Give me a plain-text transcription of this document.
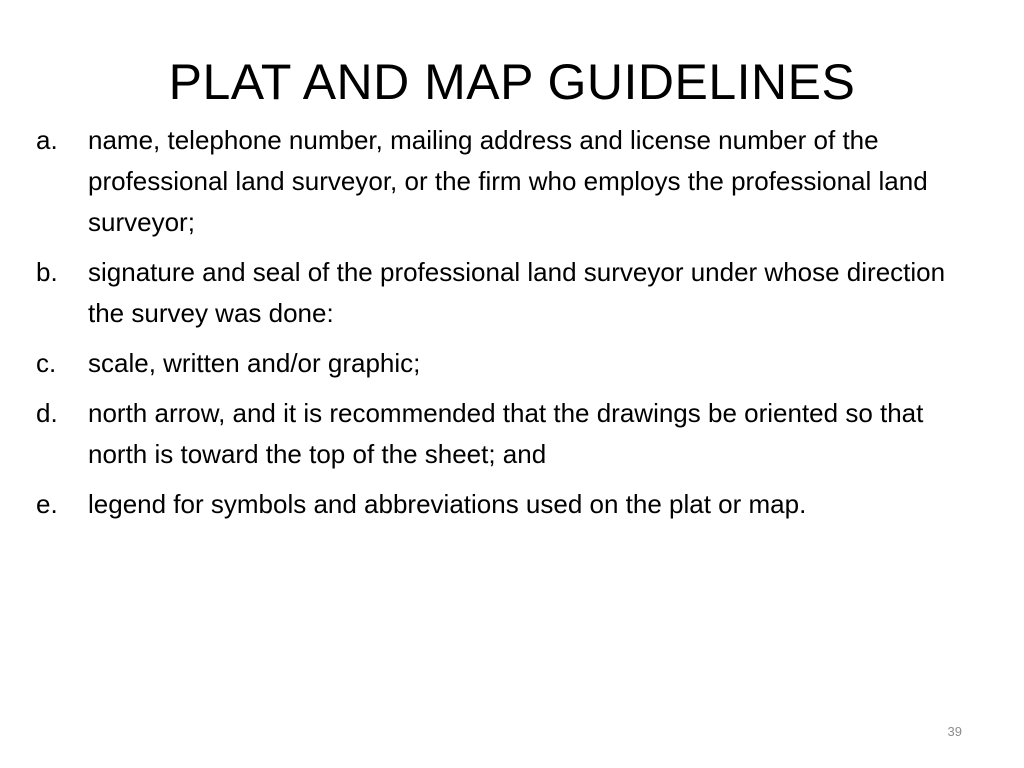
PLAT AND MAP GUIDELINES
a.	name, telephone number, mailing address and license number of the professional land surveyor, or the firm who employs the professional land surveyor;
b.	signature and seal of the professional land surveyor under whose direction the survey was done:
c.	scale, written and/or graphic;
d.	north arrow, and it is recommended that the drawings be oriented so that north is toward the top of the sheet; and
e.	legend for symbols and abbreviations used on the plat or map.
39
